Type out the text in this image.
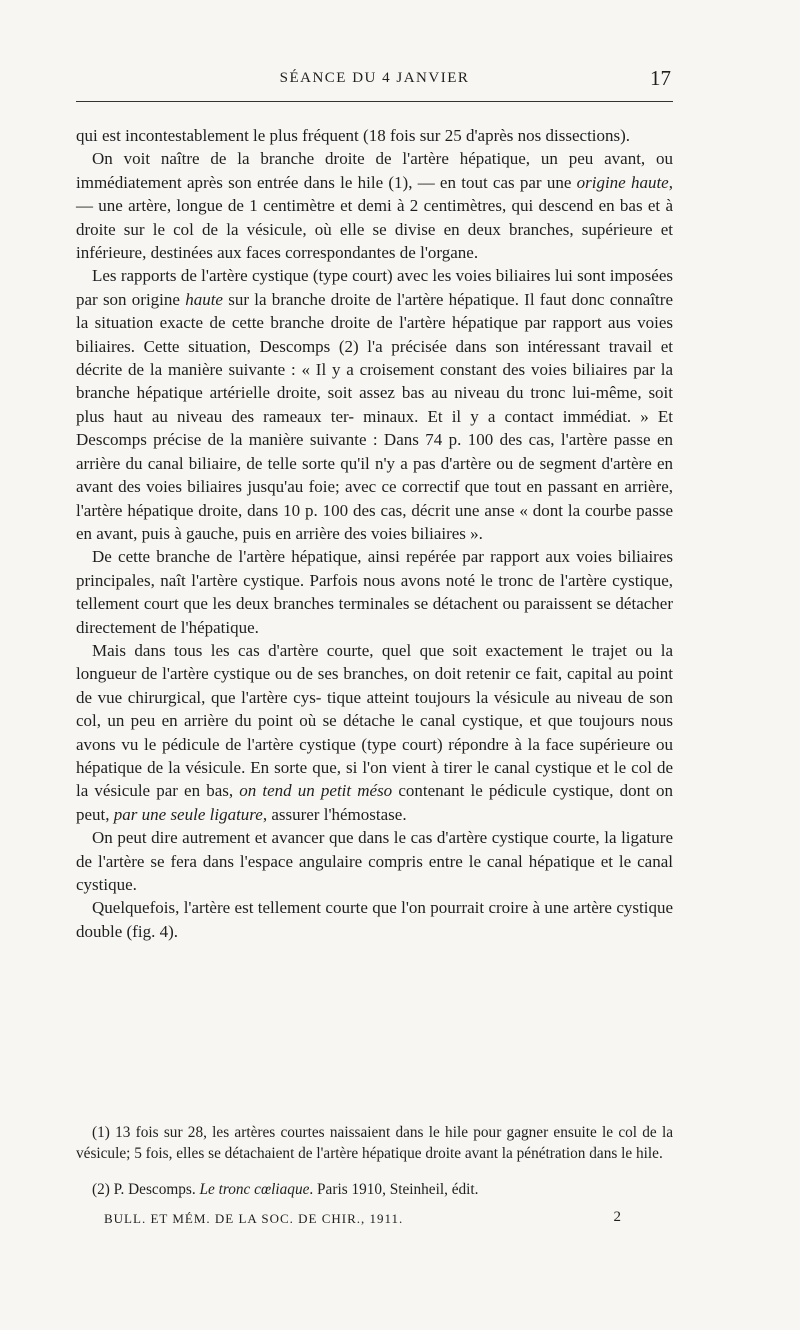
SÉANCE DU 4 JANVIER	17

qui est incontestablement le plus fréquent (18 fois sur 25 d'après nos dissections).

On voit naître de la branche droite de l'artère hépatique, un peu avant, ou immédiatement après son entrée dans le hile (1), — en tout cas par une origine haute, — une artère, longue de 1 centimètre et demi à 2 centimètres, qui descend en bas et à droite sur le col de la vésicule, où elle se divise en deux branches, supérieure et inférieure, destinées aux faces correspondantes de l'organe.

Les rapports de l'artère cystique (type court) avec les voies biliaires lui sont imposées par son origine haute sur la branche droite de l'artère hépatique. Il faut donc connaître la situation exacte de cette branche droite de l'artère hépatique par rapport aus voies biliaires. Cette situation, Descomps (2) l'a précisée dans son intéressant travail et décrite de la manière suivante : « Il y a croisement constant des voies biliaires par la branche hépatique artérielle droite, soit assez bas au niveau du tronc lui-même, soit plus haut au niveau des rameaux ter- minaux. Et il y a contact immédiat. » Et Descomps précise de la manière suivante : Dans 74 p. 100 des cas, l'artère passe en arrière du canal biliaire, de telle sorte qu'il n'y a pas d'artère ou de segment d'artère en avant des voies biliaires jusqu'au foie; avec ce correctif que tout en passant en arrière, l'artère hépatique droite, dans 10 p. 100 des cas, décrit une anse « dont la courbe passe en avant, puis à gauche, puis en arrière des voies biliaires ».

De cette branche de l'artère hépatique, ainsi repérée par rapport aux voies biliaires principales, naît l'artère cystique. Parfois nous avons noté le tronc de l'artère cystique, tellement court que les deux branches terminales se détachent ou paraissent se détacher directement de l'hépatique.

Mais dans tous les cas d'artère courte, quel que soit exactement le trajet ou la longueur de l'artère cystique ou de ses branches, on doit retenir ce fait, capital au point de vue chirurgical, que l'artère cys- tique atteint toujours la vésicule au niveau de son col, un peu en arrière du point où se détache le canal cystique, et que toujours nous avons vu le pédicule de l'artère cystique (type court) répondre à la face supérieure ou hépatique de la vésicule. En sorte que, si l'on vient à tirer le canal cystique et le col de la vésicule par en bas, on tend un petit méso contenant le pédicule cystique, dont on peut, par une seule ligature, assurer l'hémostase.

On peut dire autrement et avancer que dans le cas d'artère cystique courte, la ligature de l'artère se fera dans l'espace angulaire compris entre le canal hépatique et le canal cystique.

Quelquefois, l'artère est tellement courte que l'on pourrait croire à une artère cystique double (fig. 4).

(1) 13 fois sur 28, les artères courtes naissaient dans le hile pour gagner ensuite le col de la vésicule; 5 fois, elles se détachaient de l'artère hépatique droite avant la pénétration dans le hile.

(2) P. Descomps. Le tronc cœliaque. Paris 1910, Steinheil, édit.

BULL. ET MÉM. DE LA SOC. DE CHIR., 1911.	2
